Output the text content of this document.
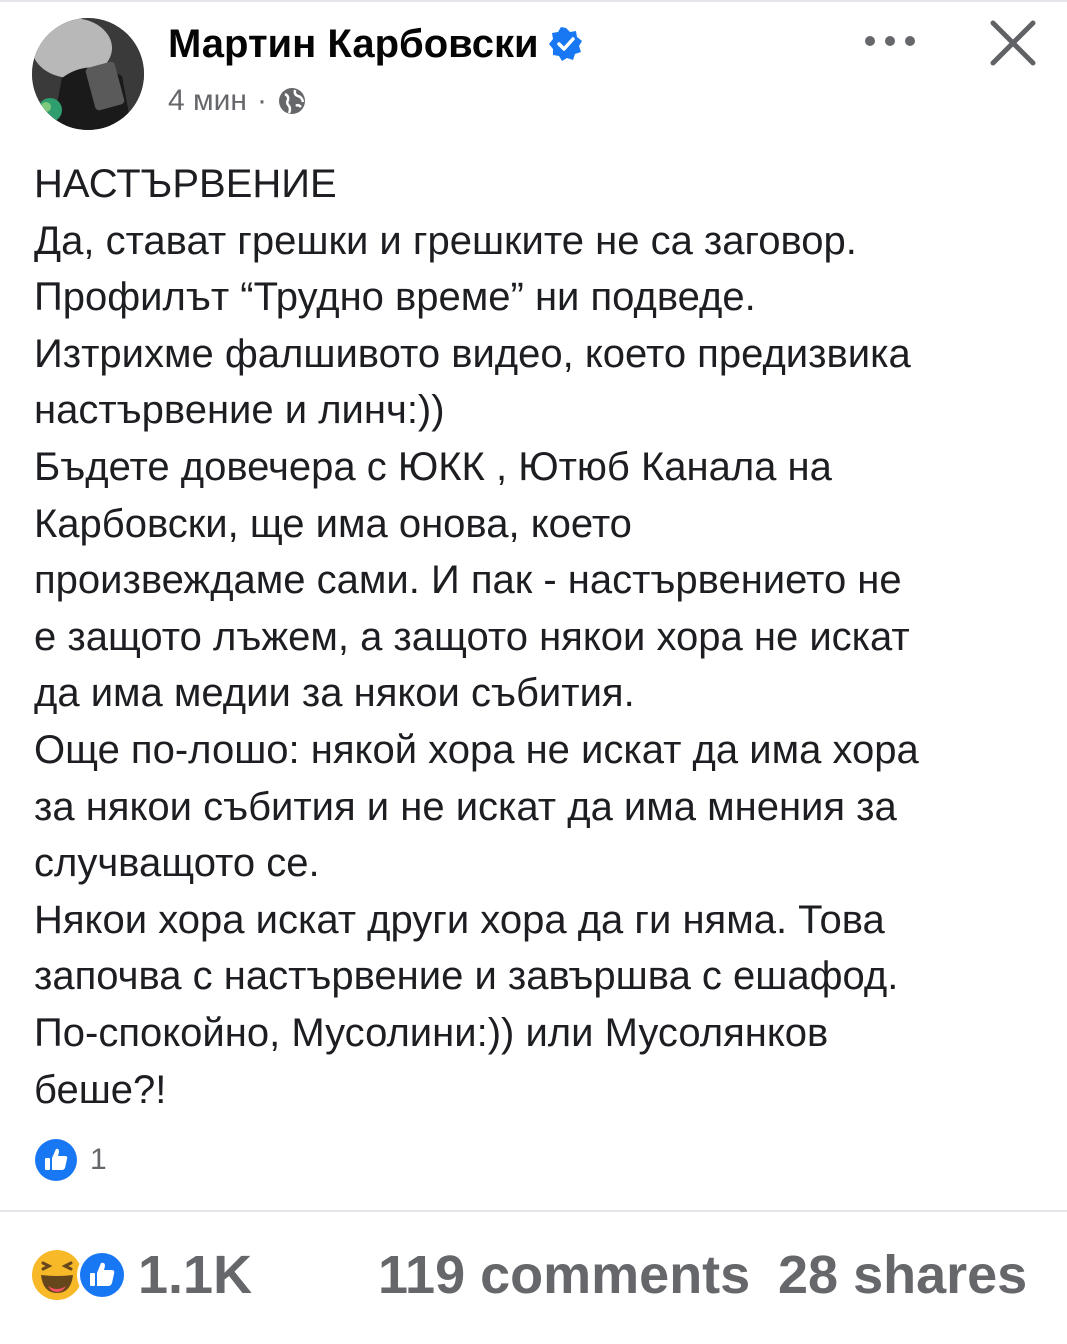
Мартин Карбовски
4 мин ·
НАСТЪРВЕНИЕ
Да, стават грешки и грешките не са заговор.
Профилът “Трудно време” ни подведе.
Изтрихме фалшивото видео, което предизвика
настървение и линч:))
Бъдете довечера с ЮКК , Ютюб Канала на
Карбовски, ще има онова, което
произвеждаме сами. И пак - настървението не
е защото лъжем, а защото някои хора не искат
да има медии за някои събития.
Още по-лошо: някой хора не искат да има хора
за някои събития и не искат да има мнения за
случващото се.
Някои хора искат други хора да ги няма. Това
започва с настървение и завършва с ешафод.
По-спокойно, Мусолини:)) или Мусолянков
беше?!
1
1.1K 119 comments 28 shares
